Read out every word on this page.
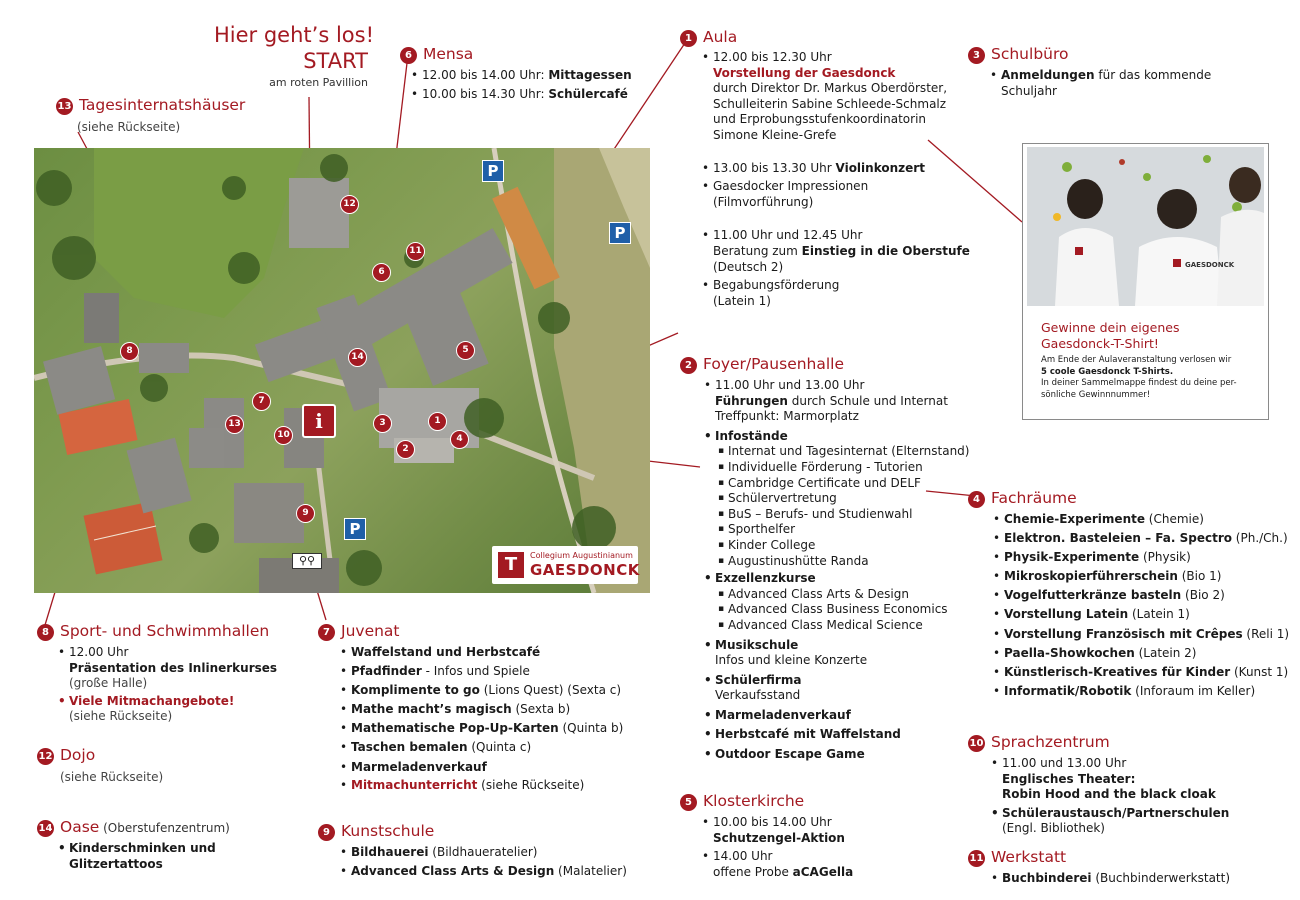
Hier geht’s los!
START
am roten Pavillion
13 Tagesinternatshäuser
(siehe Rückseite)
6 Mensa
• 12.00 bis 14.00 Uhr: Mittagessen
• 10.00 bis 14.30 Uhr: Schülercafé
1 Aula
• 12.00 bis 12.30 Uhr
Vorstellung der Gaesdonck
durch Direktor Dr. Markus Oberdörster,
Schulleiterin Sabine Schleede-Schmalz
und Erprobungsstufenkoordinatorin
Simone Kleine-Grefe
• 13.00 bis 13.30 Uhr Violinkonzert
• Gaesdocker Impressionen
(Filmvorführung)
• 11.00 Uhr und 12.45 Uhr
Beratung zum Einstieg in die Oberstufe
(Deutsch 2)
• Begabungsförderung
(Latein 1)
3 Schulbüro
• Anmeldungen für das kommende
Schuljahr
GAESDONCK
Gewinne dein eigenes
Gaesdonck-T-Shirt!
Am Ende der Aulaveranstaltung verlosen wir
5 coole Gaesdonck T-Shirts.
In deiner Sammelmappe findest du deine per-
sönliche Gewinnnummer!
P
P
P
⚲⚲
i	1
2
3
4
5
6
7
8
10
11
12
13
14
9
T	Collegium Augustinianum
GAESDONCK
2 Foyer/Pausenhalle
• 11.00 Uhr und 13.00 Uhr
Führungen durch Schule und Internat
Treffpunkt: Marmorplatz
• Infostände
▪ Internat und Tagesinternat (Elternstand)
▪ Individuelle Förderung - Tutorien
▪ Cambridge Certificate und DELF
▪ Schülervertretung
▪ BuS – Berufs- und Studienwahl
▪ Sporthelfer
▪ Kinder College
▪ Augustinushütte Randa
• Exzellenzkurse
▪ Advanced Class Arts & Design
▪ Advanced Class Business Economics
▪ Advanced Class Medical Science
• Musikschule
Infos und kleine Konzerte
• Schülerfirma
Verkaufsstand
• Marmeladenverkauf
• Herbstcafé mit Waffelstand
• Outdoor Escape Game
4 Fachräume
• Chemie-Experimente (Chemie)
• Elektron. Basteleien – Fa. Spectro (Ph./Ch.)
• Physik-Experimente (Physik)
• Mikroskopierführerschein (Bio 1)
• Vogelfutterkränze basteln (Bio 2)
• Vorstellung Latein (Latein 1)
• Vorstellung Französisch mit Crêpes (Reli 1)
• Paella-Showkochen (Latein 2)
• Künstlerisch-Kreatives für Kinder (Kunst 1)
• Informatik/Robotik (Inforaum im Keller)
8 Sport- und Schwimmhallen
• 12.00 Uhr
Präsentation des Inlinerkurses
(große Halle)
• Viele Mitmachangebote!
(siehe Rückseite)
12 Dojo
(siehe Rückseite)
14 Oase (Oberstufenzentrum)
• Kinderschminken und
Glitzertattoos
7 Juvenat
• Waffelstand und Herbstcafé
• Pfadfinder - Infos und Spiele
• Komplimente to go (Lions Quest) (Sexta c)
• Mathe macht’s magisch (Sexta b)
• Mathematische Pop-Up-Karten (Quinta b)
• Taschen bemalen (Quinta c)
• Marmeladenverkauf
• Mitmachunterricht (siehe Rückseite)
9 Kunstschule
• Bildhauerei (Bildhaueratelier)
• Advanced Class Arts & Design (Malatelier)
5 Klosterkirche
• 10.00 bis 14.00 Uhr
Schutzengel-Aktion
• 14.00 Uhr
offene Probe aCAGella
10 Sprachzentrum
• 11.00 und 13.00 Uhr
Englisches Theater:
Robin Hood and the black cloak
• Schüleraustausch/Partnerschulen
(Engl. Bibliothek)
11 Werkstatt
• Buchbinderei (Buchbinderwerkstatt)
